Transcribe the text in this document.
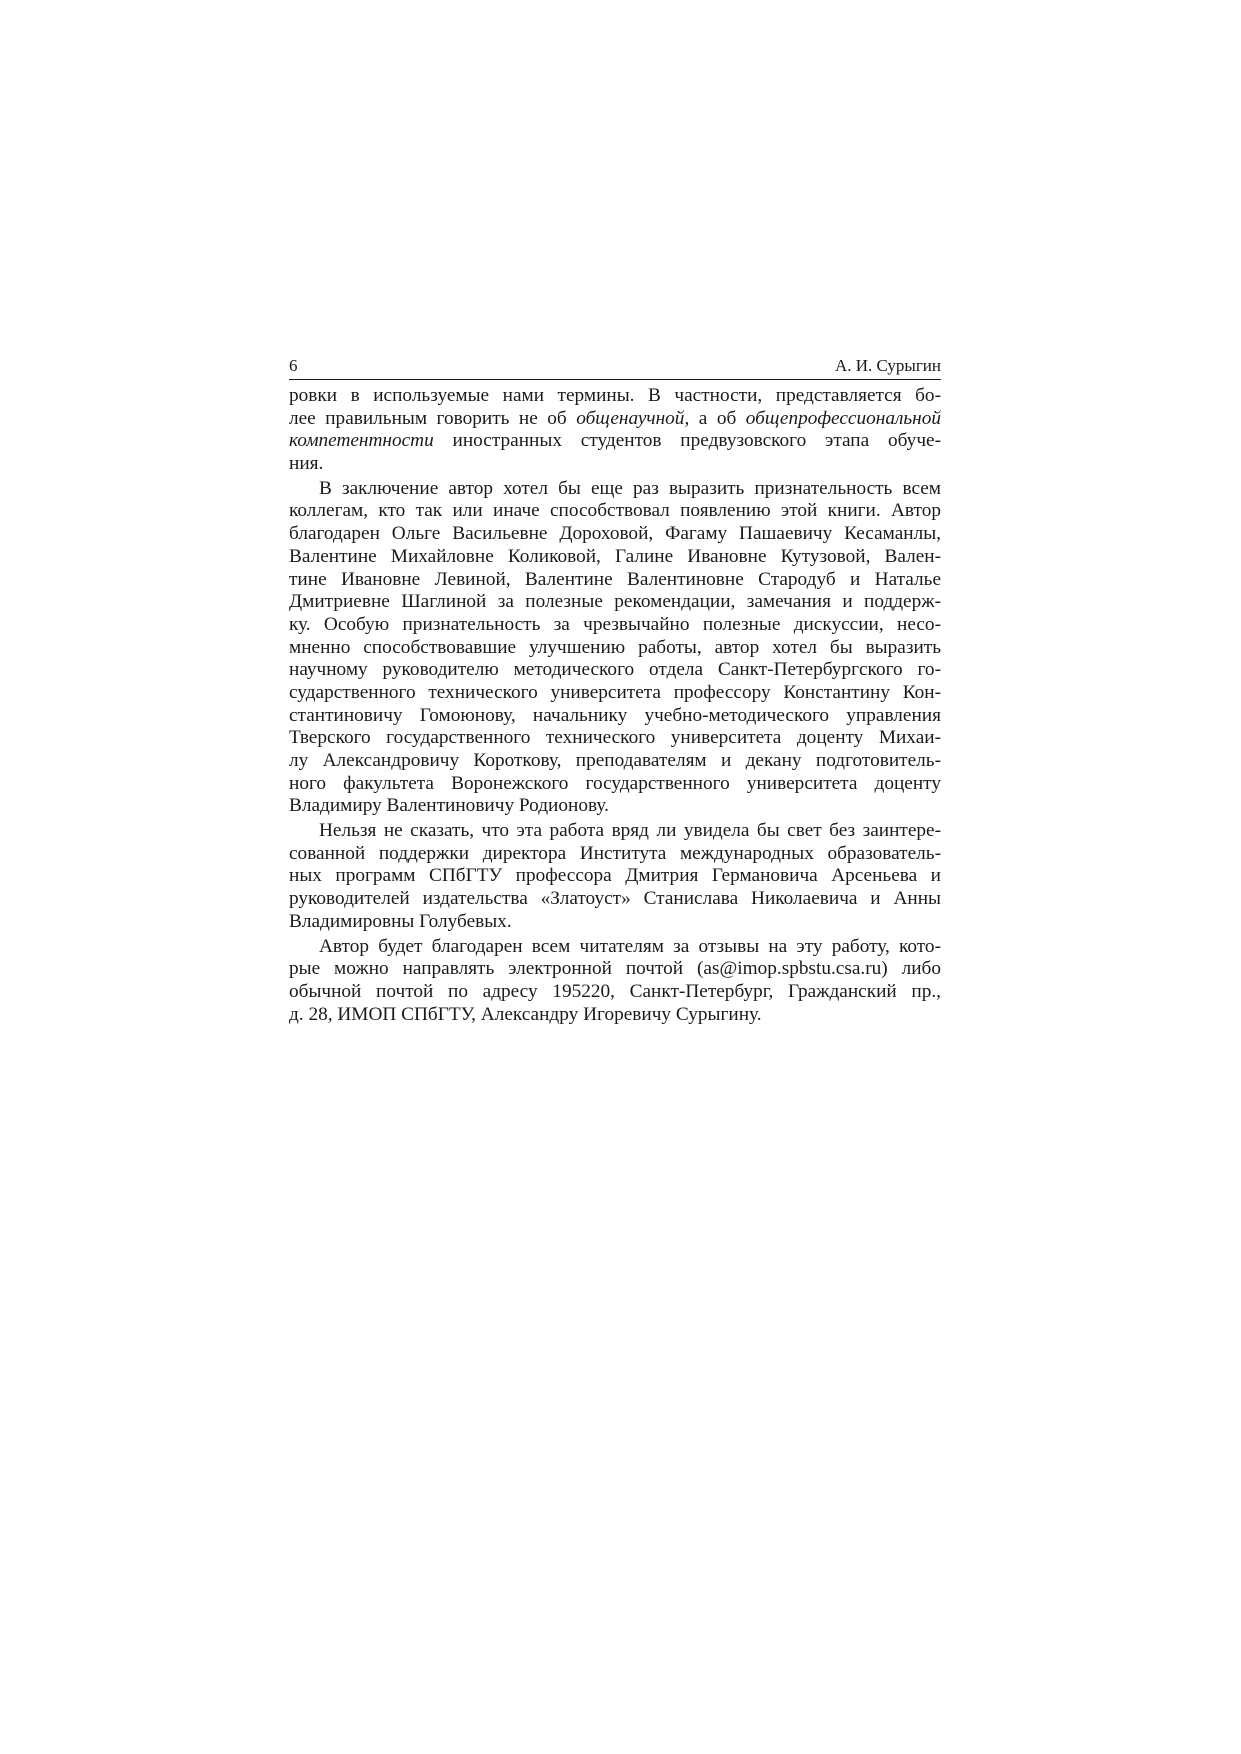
6	А. И. Сурыгин
ровки в используемые нами термины. В частности, представляется бо-
лее правильным говорить не об общенаучной, а об общепрофессиональной
компетентности иностранных студентов предвузовского этапа обуче-
ния.
В заключение автор хотел бы еще раз выразить признательность всем
коллегам, кто так или иначе способствовал появлению этой книги. Автор
благодарен Ольге Васильевне Дороховой, Фагаму Пашаевичу Кесаманлы,
Валентине Михайловне Коликовой, Галине Ивановне Кутузовой, Вален-
тине Ивановне Левиной, Валентине Валентиновне Стародуб и Наталье
Дмитриевне Шаглиной за полезные рекомендации, замечания и поддерж-
ку. Особую признательность за чрезвычайно полезные дискуссии, несо-
мненно способствовавшие улучшению работы, автор хотел бы выразить
научному руководителю методического отдела Санкт-Петербургского го-
сударственного технического университета профессору Константину Кон-
стантиновичу Гомоюнову, начальнику учебно-методического управления
Тверского государственного технического университета доценту Михаи-
лу Александровичу Короткову, преподавателям и декану подготовитель-
ного факультета Воронежского государственного университета доценту
Владимиру Валентиновичу Родионову.
Нельзя не сказать, что эта работа вряд ли увидела бы свет без заинтере-
сованной поддержки директора Института международных образователь-
ных программ СПбГТУ профессора Дмитрия Германовича Арсеньева и
руководителей издательства «Златоуст» Станислава Николаевича и Анны
Владимировны Голубевых.
Автор будет благодарен всем читателям за отзывы на эту работу, кото-
рые можно направлять электронной почтой (as@imop.spbstu.csa.ru) либо
обычной почтой по адресу 195220, Санкт-Петербург, Гражданский пр.,
д. 28, ИМОП СПбГТУ, Александру Игоревичу Сурыгину.
